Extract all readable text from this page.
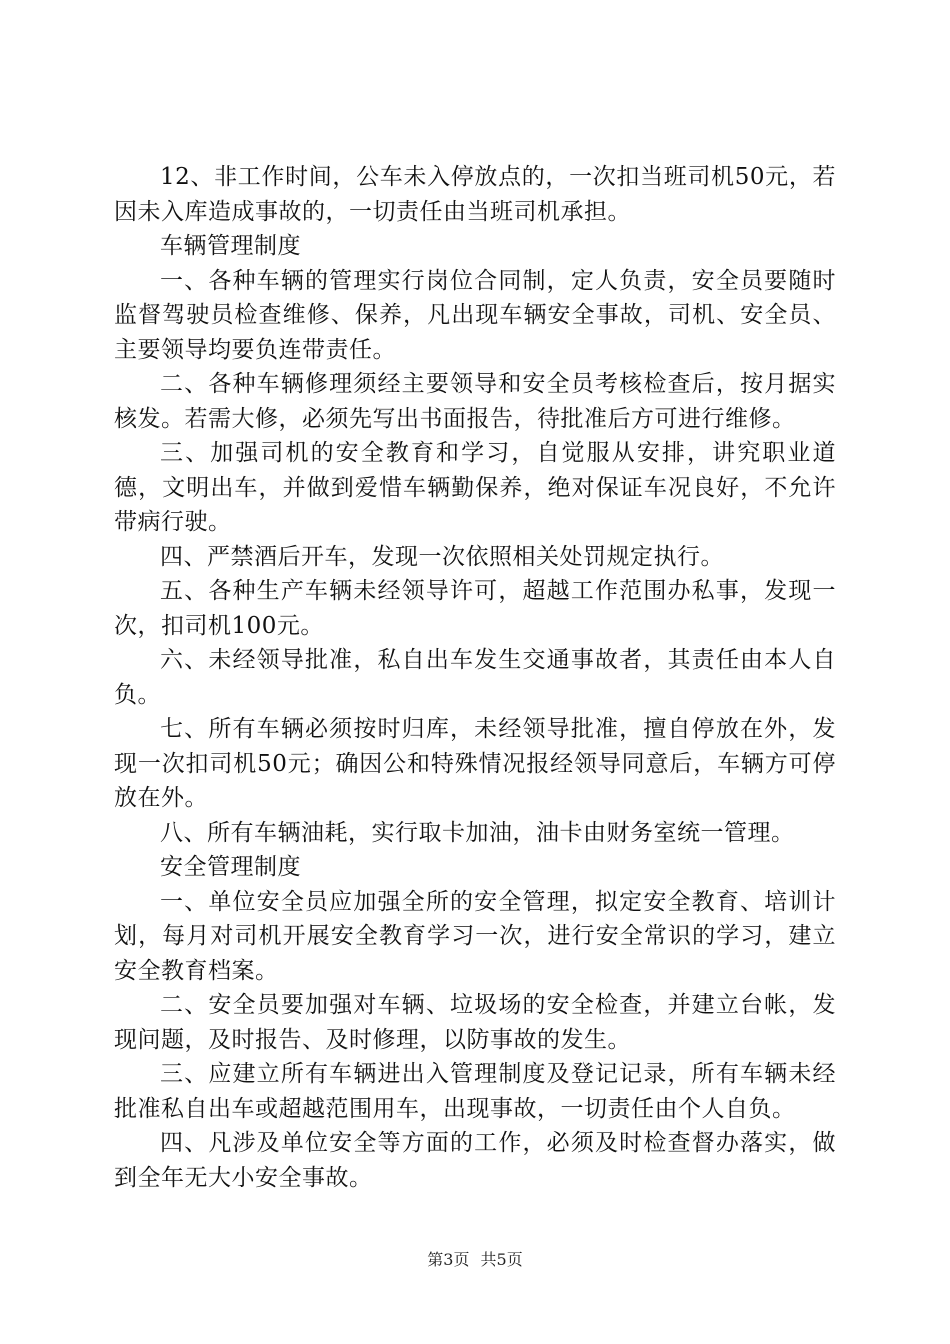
12、非工作时间，公车未入停放点的，一次扣当班司机50元，若因未入库造成事故的，一切责任由当班司机承担。

车辆管理制度

一、各种车辆的管理实行岗位合同制，定人负责，安全员要随时监督驾驶员检查维修、保养，凡出现车辆安全事故，司机、安全员、主要领导均要负连带责任。

二、各种车辆修理须经主要领导和安全员考核检查后，按月据实核发。若需大修，必须先写出书面报告，待批准后方可进行维修。

三、加强司机的安全教育和学习，自觉服从安排，讲究职业道德，文明出车，并做到爱惜车辆勤保养，绝对保证车况良好，不允许带病行驶。

四、严禁酒后开车，发现一次依照相关处罚规定执行。

五、各种生产车辆未经领导许可，超越工作范围办私事，发现一次，扣司机100元。

六、未经领导批准，私自出车发生交通事故者，其责任由本人自负。

七、所有车辆必须按时归库，未经领导批准，擅自停放在外，发现一次扣司机50元；确因公和特殊情况报经领导同意后，车辆方可停放在外。

八、所有车辆油耗，实行取卡加油，油卡由财务室统一管理。

安全管理制度

一、单位安全员应加强全所的安全管理，拟定安全教育、培训计划，每月对司机开展安全教育学习一次，进行安全常识的学习，建立安全教育档案。

二、安全员要加强对车辆、垃圾场的安全检查，并建立台帐，发现问题，及时报告、及时修理，以防事故的发生。

三、应建立所有车辆进出入管理制度及登记记录，所有车辆未经批准私自出车或超越范围用车，出现事故，一切责任由个人自负。

四、凡涉及单位安全等方面的工作，必须及时检查督办落实，做到全年无大小安全事故。

第3页 共5页
